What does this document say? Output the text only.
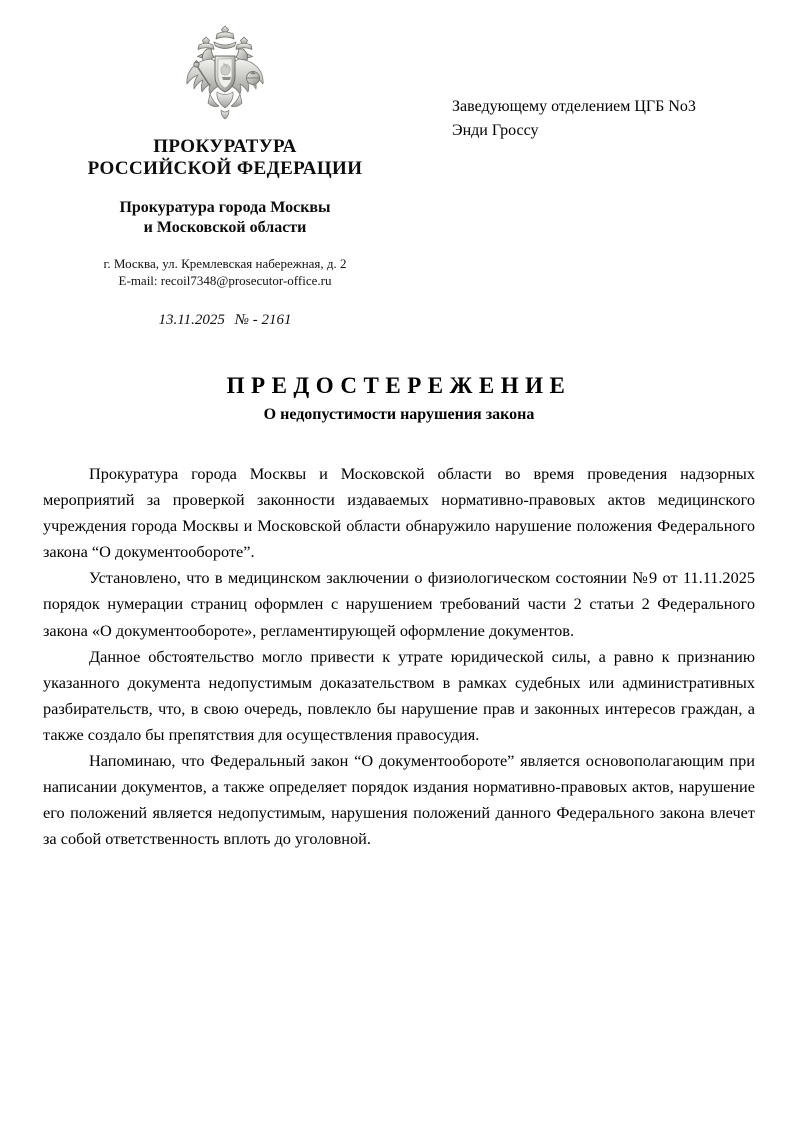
ПРОКУРАТУРА
РОССИЙСКОЙ ФЕДЕРАЦИИ
Прокуратура города Москвы
и Московской области
г. Москва, ул. Кремлевская набережная, д. 2
E-mail: recoil7348@prosecutor-office.ru
13.11.2025 № - 2161
Заведующему отделением ЦГБ No3
Энди Гроссу
ПРЕДОСТЕРЕЖЕНИЕ
О недопустимости нарушения закона

Прокуратура города Москвы и Московской области во время проведения надзорных мероприятий за проверкой законности издаваемых нормативно-правовых актов медицинского учреждения города Москвы и Московской области обнаружило нарушение положения Федерального закона “О документообороте”.

Установлено, что в медицинском заключении о физиологическом состоянии №9 от 11.11.2025 порядок нумерации страниц оформлен с нарушением требований части 2 статьи 2 Федерального закона «О документообороте», регламентирующей оформление документов.

Данное обстоятельство могло привести к утрате юридической силы, а равно к признанию указанного документа недопустимым доказательством в рамках судебных или административных разбирательств, что, в свою очередь, повлекло бы нарушение прав и законных интересов граждан, а также создало бы препятствия для осуществления правосудия.

Напоминаю, что Федеральный закон “О документообороте” является основополагающим при написании документов, а также определяет порядок издания нормативно-правовых актов, нарушение его положений является недопустимым, нарушения положений данного Федерального закона влечет за собой ответственность вплоть до уголовной.
